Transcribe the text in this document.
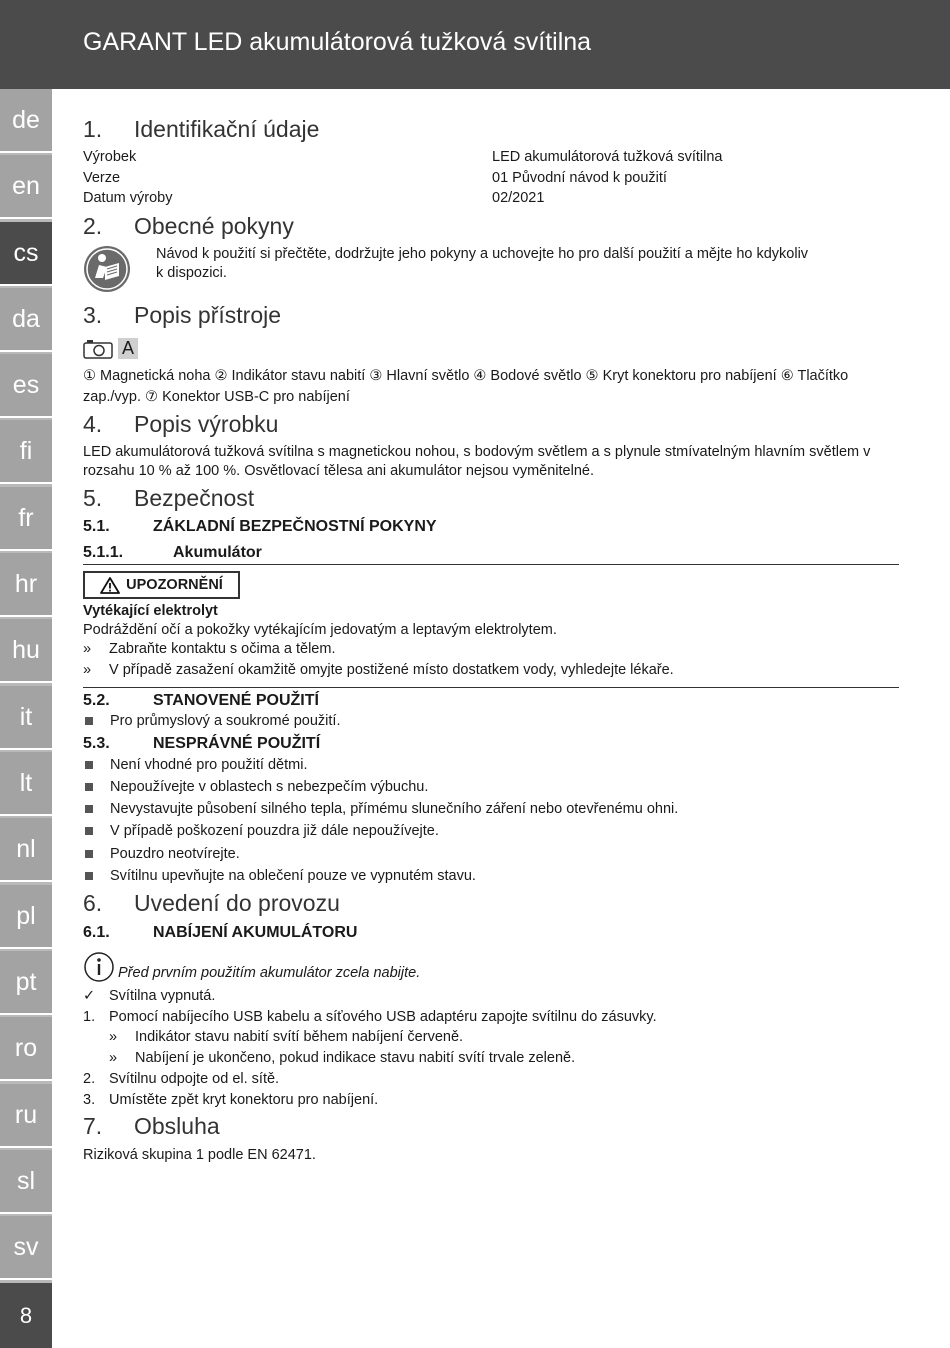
GARANT LED akumulátorová tužková svítilna
de
en
cs
da
es
fi
fr
hr
hu
it
lt
nl
pl
pt
ro
ru
sl
sv
8
1. Identifikační údaje
Výrobek	LED akumulátorová tužková svítilna
Verze	01 Původní návod k použití
Datum výroby	02/2021
2. Obecné pokyny
Návod k použití si přečtěte, dodržujte jeho pokyny a uchovejte ho pro další použití a mějte ho kdykoliv
k dispozici.
3. Popis přístroje
A
① Magnetická noha ② Indikátor stavu nabití ③ Hlavní světlo ④ Bodové světlo ⑤ Kryt konektoru pro nabíjení ⑥ Tlačítko
zap./vyp. ⑦ Konektor USB-C pro nabíjení
4. Popis výrobku
LED akumulátorová tužková svítilna s magnetickou nohou, s bodovým světlem a s plynule stmívatelným hlavním světlem v
rozsahu 10 % až 100 %. Osvětlovací tělesa ani akumulátor nejsou vyměnitelné.
5. Bezpečnost
5.1.	ZÁKLADNÍ BEZPEČNOSTNÍ POKYNY
5.1.1.	Akumulátor
UPOZORNĚNÍ
Vytékající elektrolyt
Podráždění očí a pokožky vytékajícím jedovatým a leptavým elektrolytem.
» Zabraňte kontaktu s očima a tělem.
» V případě zasažení okamžitě omyjte postižené místo dostatkem vody, vyhledejte lékaře.
5.2.	STANOVENÉ POUŽITÍ
Pro průmyslový a soukromé použití.
5.3.	NESPRÁVNÉ POUŽITÍ
Není vhodné pro použití dětmi.
Nepoužívejte v oblastech s nebezpečím výbuchu.
Nevystavujte působení silného tepla, přímému slunečního záření nebo otevřenému ohni.
V případě poškození pouzdra již dále nepoužívejte.
Pouzdro neotvírejte.
Svítilnu upevňujte na oblečení pouze ve vypnutém stavu.
6. Uvedení do provozu
6.1.	NABÍJENÍ AKUMULÁTORU
Před prvním použitím akumulátor zcela nabijte.
✓ Svítilna vypnutá.
1. Pomocí nabíjecího USB kabelu a síťového USB adaptéru zapojte svítilnu do zásuvky.
» Indikátor stavu nabití svítí během nabíjení červeně.
» Nabíjení je ukončeno, pokud indikace stavu nabití svítí trvale zeleně.
2. Svítilnu odpojte od el. sítě.
3. Umístěte zpět kryt konektoru pro nabíjení.
7. Obsluha
Riziková skupina 1 podle EN 62471.
